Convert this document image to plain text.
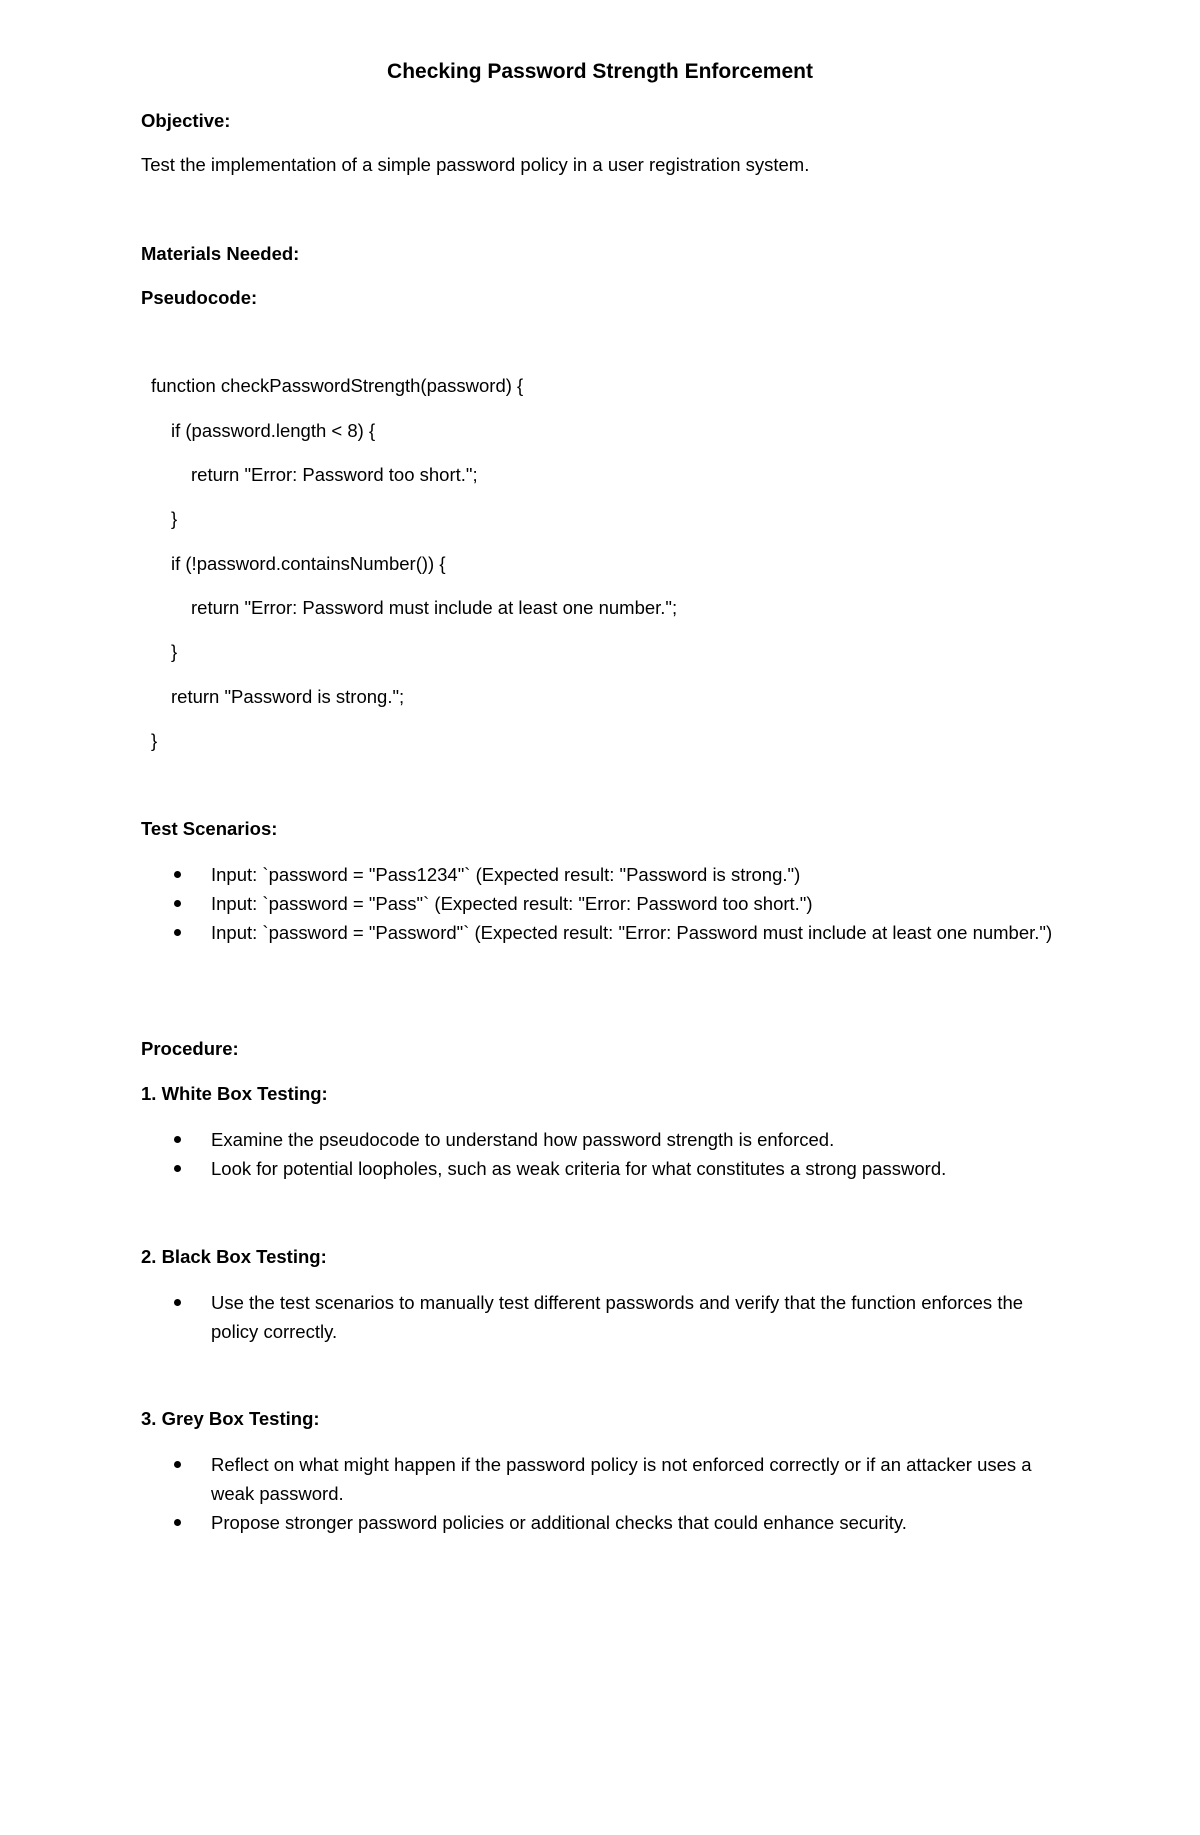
Checking Password Strength Enforcement
Objective:
Test the implementation of a simple password policy in a user registration system.
Materials Needed:
Pseudocode:
function checkPasswordStrength(password) {
if (password.length < 8) {
return "Error: Password too short.";
}
if (!password.containsNumber()) {
return "Error: Password must include at least one number.";
}
return "Password is strong.";
}
Test Scenarios:
Input: `password = "Pass1234"` (Expected result: "Password is strong.")
Input: `password = "Pass"` (Expected result: "Error: Password too short.")
Input: `password = "Password"` (Expected result: "Error: Password must include at least one number.")
Procedure:
1. White Box Testing:
Examine the pseudocode to understand how password strength is enforced.
Look for potential loopholes, such as weak criteria for what constitutes a strong password.
2. Black Box Testing:
Use the test scenarios to manually test different passwords and verify that the function enforces the policy correctly.
3. Grey Box Testing:
Reflect on what might happen if the password policy is not enforced correctly or if an attacker uses a weak password.
Propose stronger password policies or additional checks that could enhance security.
